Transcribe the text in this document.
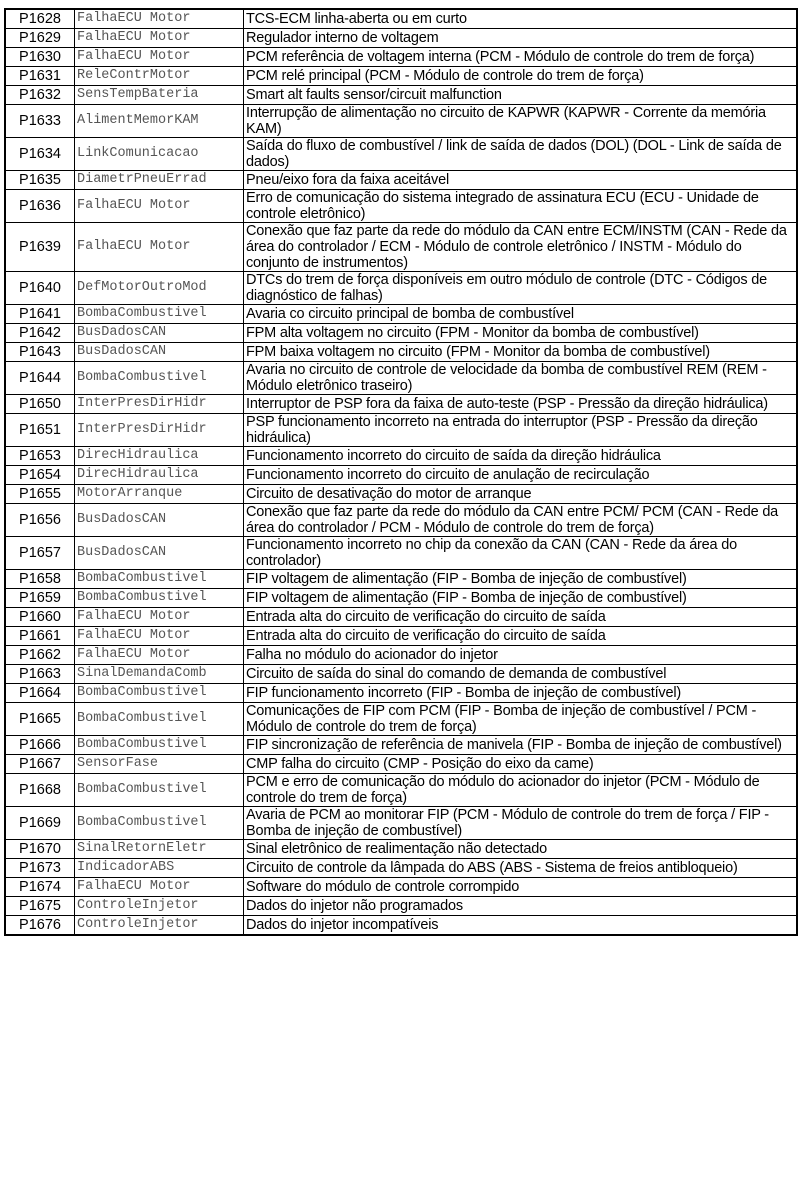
P1628	FalhaECU Motor	TCS-ECM linha-aberta ou em curto
P1629	FalhaECU Motor	Regulador interno de voltagem
P1630	FalhaECU Motor	PCM referência de voltagem interna (PCM - Módulo de controle do trem de força)
P1631	ReleContrMotor	PCM relé principal (PCM - Módulo de controle do trem de força)
P1632	SensTempBateria	Smart alt faults sensor/circuit malfunction
P1633	AlimentMemorKAM	Interrupção de alimentação no circuito de KAPWR (KAPWR - Corrente da memória KAM)
P1634	LinkComunicacao	Saída do fluxo de combustível / link de saída de dados (DOL) (DOL - Link de saída de dados)
P1635	DiametrPneuErrad	Pneu/eixo fora da faixa aceitável
P1636	FalhaECU Motor	Erro de comunicação do sistema integrado de assinatura ECU (ECU - Unidade de controle eletrônico)
P1639	FalhaECU Motor	Conexão que faz parte da rede do módulo da CAN entre ECM/INSTM (CAN - Rede da área do controlador / ECM - Módulo de controle eletrônico / INSTM - Módulo do conjunto de instrumentos)
P1640	DefMotorOutroMod	DTCs do trem de força disponíveis em outro módulo de controle (DTC - Códigos de diagnóstico de falhas)
P1641	BombaCombustivel	Avaria co circuito principal de bomba de combustível
P1642	BusDadosCAN	FPM alta voltagem no circuito (FPM - Monitor da bomba de combustível)
P1643	BusDadosCAN	FPM baixa voltagem no circuito (FPM - Monitor da bomba de combustível)
P1644	BombaCombustivel	Avaria no circuito de controle de velocidade da bomba de combustível REM (REM - Módulo eletrônico traseiro)
P1650	InterPresDirHidr	Interruptor de PSP fora da faixa de auto-teste (PSP - Pressão da direção hidráulica)
P1651	InterPresDirHidr	PSP funcionamento incorreto na entrada do interruptor (PSP - Pressão da direção hidráulica)
P1653	DirecHidraulica	Funcionamento incorreto do circuito de saída da direção hidráulica
P1654	DirecHidraulica	Funcionamento incorreto do circuito de anulação de recirculação
P1655	MotorArranque	Circuito de desativação do motor de arranque
P1656	BusDadosCAN	Conexão que faz parte da rede do módulo da CAN entre PCM/ PCM (CAN - Rede da área do controlador / PCM - Módulo de controle do trem de força)
P1657	BusDadosCAN	Funcionamento incorreto no chip da conexão da CAN (CAN - Rede da área do controlador)
P1658	BombaCombustivel	FIP voltagem de alimentação (FIP - Bomba de injeção de combustível)
P1659	BombaCombustivel	FIP voltagem de alimentação (FIP - Bomba de injeção de combustível)
P1660	FalhaECU Motor	Entrada alta do circuito de verificação do circuito de saída
P1661	FalhaECU Motor	Entrada alta do circuito de verificação do circuito de saída
P1662	FalhaECU Motor	Falha no módulo do acionador do injetor
P1663	SinalDemandaComb	Circuito de saída do sinal do comando de demanda de combustível
P1664	BombaCombustivel	FIP funcionamento incorreto (FIP - Bomba de injeção de combustível)
P1665	BombaCombustivel	Comunicações de FIP com PCM (FIP - Bomba de injeção de combustível / PCM - Módulo de controle do trem de força)
P1666	BombaCombustivel	FIP sincronização de referência de manivela (FIP - Bomba de injeção de combustível)
P1667	SensorFase	CMP falha do circuito (CMP - Posição do eixo da came)
P1668	BombaCombustivel	PCM e erro de comunicação do módulo do acionador do injetor (PCM - Módulo de controle do trem de força)
P1669	BombaCombustivel	Avaria de PCM ao monitorar FIP (PCM - Módulo de controle do trem de força / FIP - Bomba de injeção de combustível)
P1670	SinalRetornEletr	Sinal eletrônico de realimentação não detectado
P1673	IndicadorABS	Circuito de controle da lâmpada do ABS (ABS - Sistema de freios antibloqueio)
P1674	FalhaECU Motor	Software do módulo de controle corrompido
P1675	ControleInjetor	Dados do injetor não programados
P1676	ControleInjetor	Dados do injetor incompatíveis
